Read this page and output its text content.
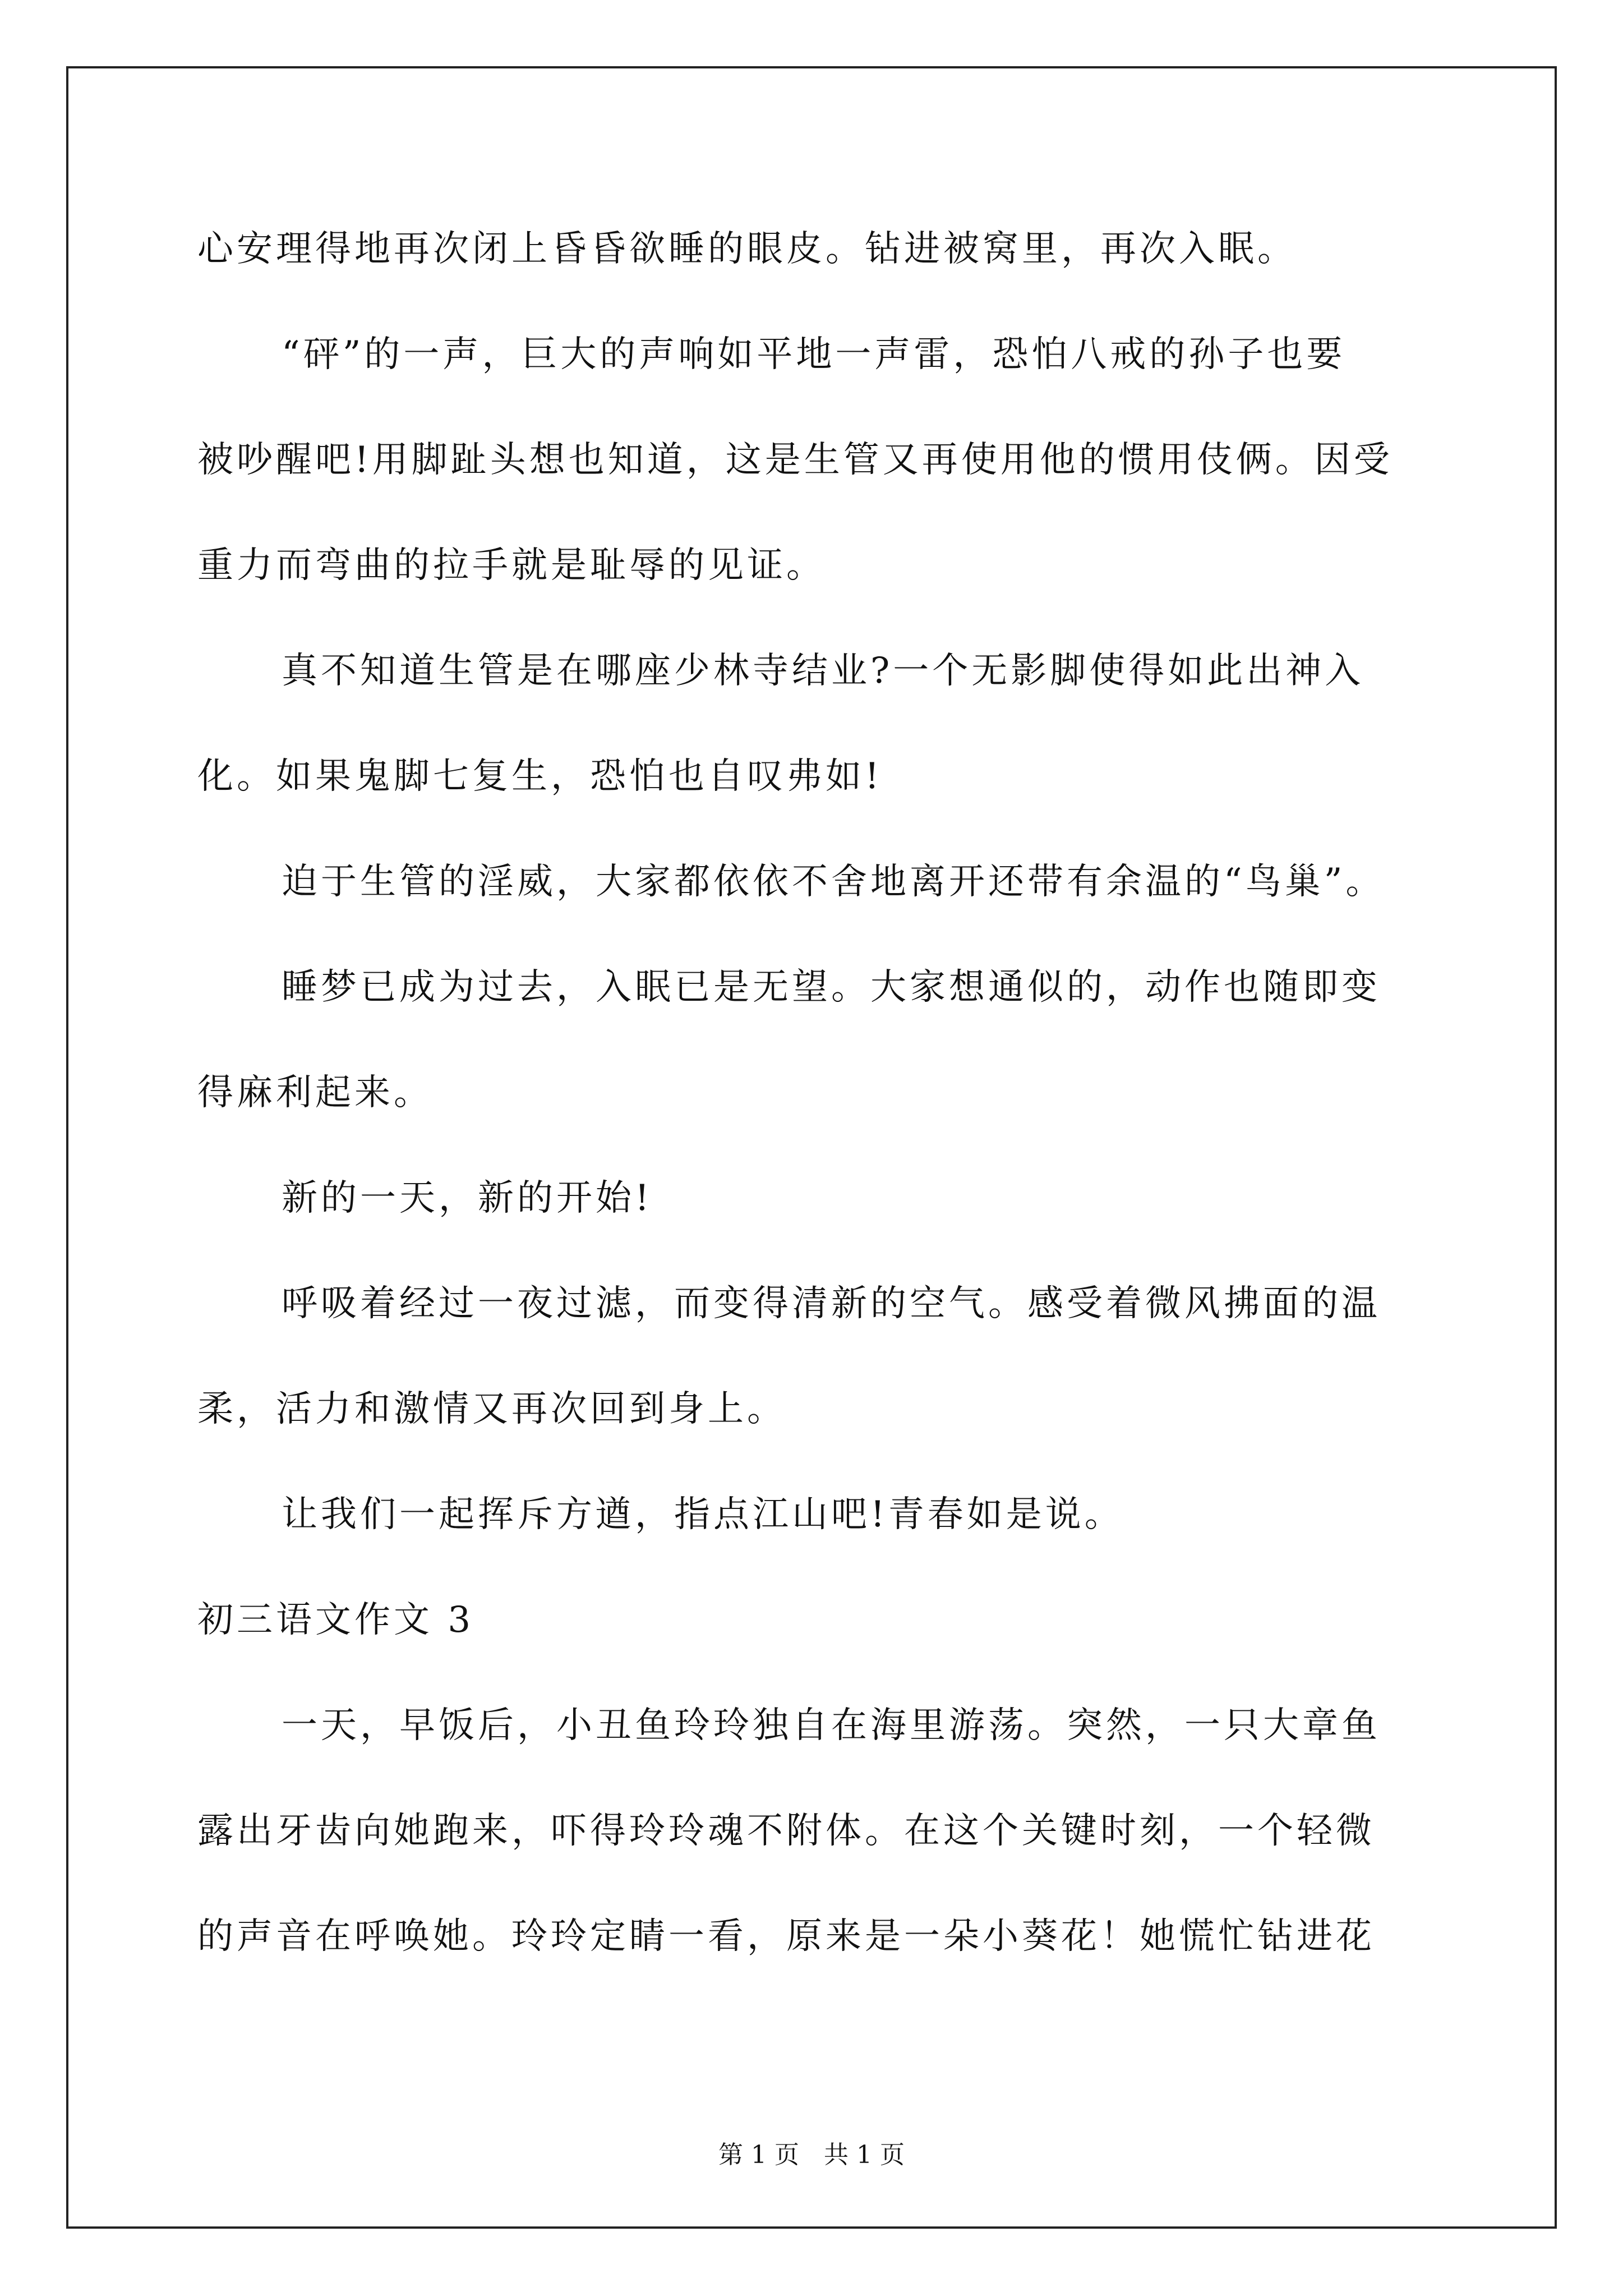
心安理得地再次闭上昏昏欲睡的眼皮。钻进被窝里，再次入眠。
“砰”的一声，巨大的声响如平地一声雷，恐怕八戒的孙子也要
被吵醒吧!用脚趾头想也知道，这是生管又再使用他的惯用伎俩。因受
重力而弯曲的拉手就是耻辱的见证。
真不知道生管是在哪座少林寺结业?一个无影脚使得如此出神入
化。如果鬼脚七复生，恐怕也自叹弗如!
迫于生管的淫威，大家都依依不舍地离开还带有余温的“鸟巢”。
睡梦已成为过去，入眠已是无望。大家想通似的，动作也随即变
得麻利起来。
新的一天，新的开始!
呼吸着经过一夜过滤，而变得清新的空气。感受着微风拂面的温
柔，活力和激情又再次回到身上。
让我们一起挥斥方遒，指点江山吧!青春如是说。
初三语文作文 3
一天，早饭后，小丑鱼玲玲独自在海里游荡。突然，一只大章鱼
露出牙齿向她跑来，吓得玲玲魂不附体。在这个关键时刻，一个轻微
的声音在呼唤她。玲玲定睛一看，原来是一朵小葵花！她慌忙钻进花
第 1 页　共 1 页
